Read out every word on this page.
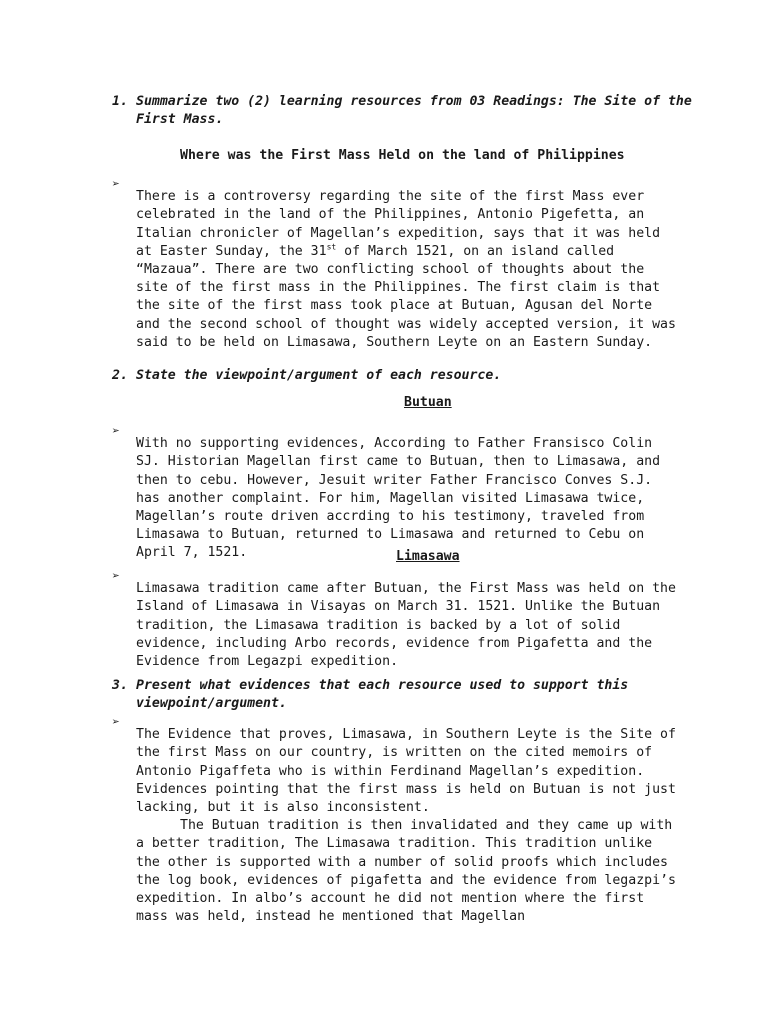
1. Summarize two (2) learning resources from 03 Readings: The Site of the First Mass.
Where was the First Mass Held on the land of Philippines
➢

There is a controversy regarding the site of the first Mass ever celebrated in the land of the Philippines, Antonio Pigefetta, an Italian chronicler of Magellan’s expedition, says that it was held at Easter Sunday, the 31st of March 1521, on an island called “Mazaua”. There are two conflicting school of thoughts about the site of the first mass in the Philippines. The first claim is that the site of the first mass took place at Butuan, Agusan del Norte and the second school of thought was widely accepted version, it was said to be held on Limasawa, Southern Leyte on an Eastern Sunday.

2. State the viewpoint/argument of each resource.
Butuan
➢

With no supporting evidences, According to Father Fransisco Colin SJ. Historian Magellan first came to Butuan, then to Limasawa, and then to cebu. However, Jesuit writer Father Francisco Conves S.J. has another complaint. For him, Magellan visited Limasawa twice, Magellan’s route driven accrding to his testimony, traveled from Limasawa to Butuan, returned to Limasawa and returned to Cebu on April 7, 1521.	Limasawa
➢

Limasawa tradition came after Butuan, the First Mass was held on the Island of Limasawa in Visayas on March 31. 1521. Unlike the Butuan tradition, the Limasawa tradition is backed by a lot of solid evidence, including Arbo records, evidence from Pigafetta and the Evidence from Legazpi expedition.

3. Present what evidences that each resource used to support this viewpoint/argument.
➢

The Evidence that proves, Limasawa, in Southern Leyte is the Site of the first Mass on our country, is written on the cited memoirs of Antonio Pigaffeta who is within Ferdinand Magellan’s expedition. Evidences pointing that the first mass is held on Butuan is not just lacking, but it is also inconsistent.

The Butuan tradition is then invalidated and they came up with a better tradition, The Limasawa tradition. This tradition unlike the other is supported with a number of solid proofs which includes the log book, evidences of pigafetta and the evidence from legazpi’s expedition. In albo’s account he did not mention where the first mass was held, instead he mentioned that Magellan
